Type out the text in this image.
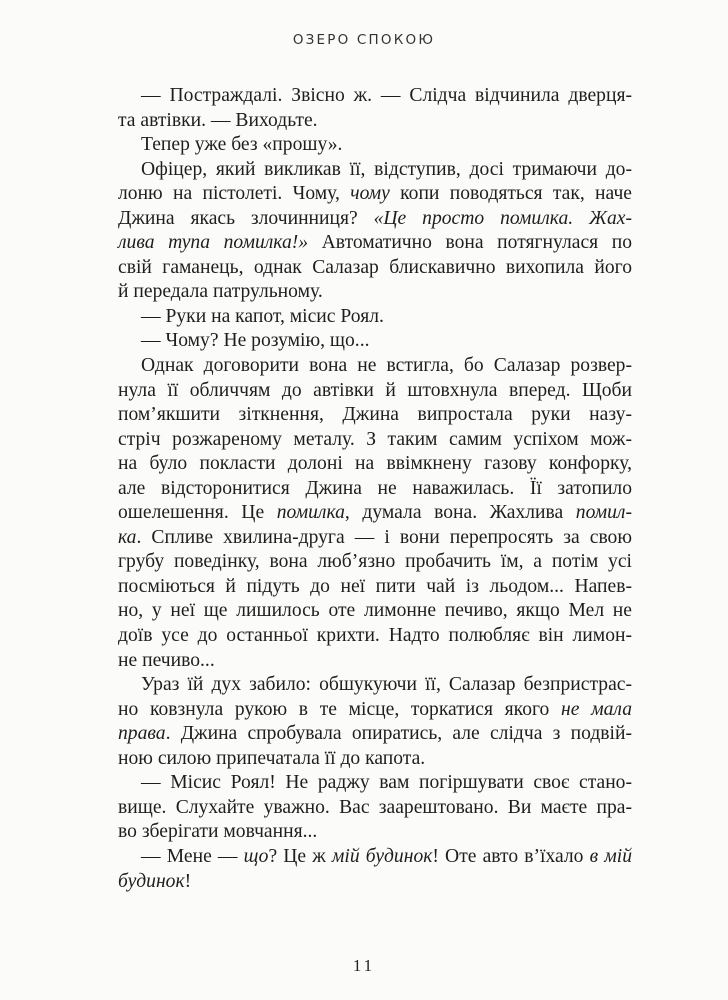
ОЗЕРО СПОКОЮ
— Постраждалі. Звісно ж. — Слідча відчинила дверця-
та автівки. — Виходьте.
Тепер уже без «прошу».
Офіцер, який викликав її, відступив, досі тримаючи до-
лоню на пістолеті. Чому, чому копи поводяться так, наче
Джина якась злочинниця? «Це просто помилка. Жах-
лива тупа помилка!» Автоматично вона потягнулася по
свій гаманець, однак Салазар блискавично вихопила його
й передала патрульному.
— Руки на капот, місис Роял.
— Чому? Не розумію, що...
Однак договорити вона не встигла, бо Салазар розвер-
нула її обличчям до автівки й штовхнула вперед. Щоби
пом’якшити зіткнення, Джина випростала руки назу-
стріч розжареному металу. З таким самим успіхом мож-
на було покласти долоні на ввімкнену газову конфорку,
але відсторонитися Джина не наважилась. Її затопило
ошелешення. Це помилка, думала вона. Жахлива помил-
ка. Спливе хвилина-друга — і вони перепросять за свою
грубу поведінку, вона люб’язно пробачить їм, а потім усі
посміються й підуть до неї пити чай із льодом... Напев-
но, у неї ще лишилось оте лимонне печиво, якщо Мел не
доїв усе до останньої крихти. Надто полюбляє він лимон-
не печиво...
Ураз їй дух забило: обшукуючи її, Салазар безпристрас-
но ковзнула рукою в те місце, торкатися якого не мала
права. Джина спробувала опиратись, але слідча з подвій-
ною силою припечатала її до капота.
— Місис Роял! Не раджу вам погіршувати своє стано-
вище. Слухайте уважно. Вас заарештовано. Ви маєте пра-
во зберігати мовчання...
— Мене — що? Це ж мій будинок! Оте авто в’їхало в мій
будинок!
11
